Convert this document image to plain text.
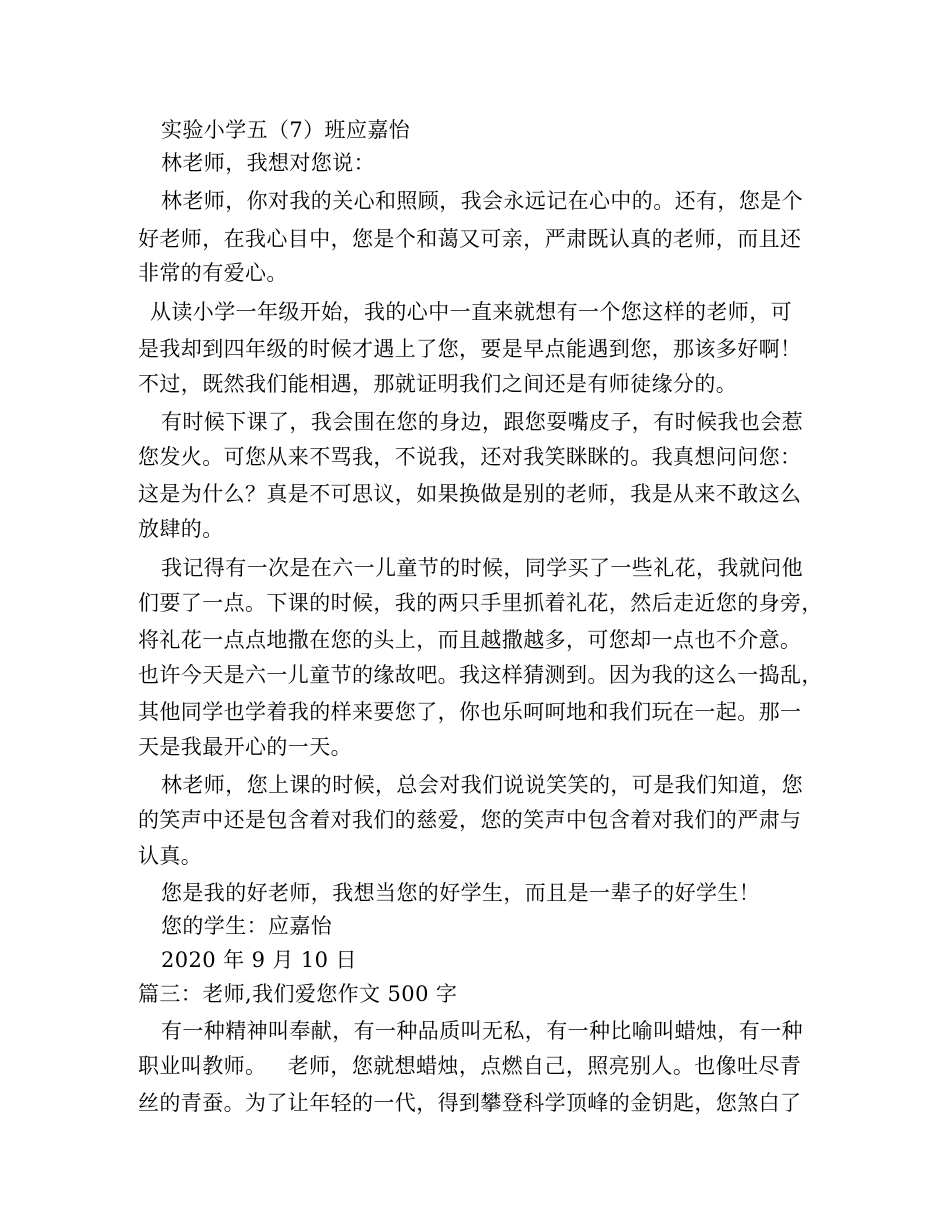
实验小学五（7）班应嘉怡
林老师，我想对您说：
林老师，你对我的关心和照顾，我会永远记在心中的。还有，您是个
好老师，在我心目中，您是个和蔼又可亲，严肃既认真的老师，而且还
非常的有爱心。
从读小学一年级开始，我的心中一直来就想有一个您这样的老师，可
是我却到四年级的时候才遇上了您，要是早点能遇到您，那该多好啊！
不过，既然我们能相遇，那就证明我们之间还是有师徒缘分的。
有时候下课了，我会围在您的身边，跟您耍嘴皮子，有时候我也会惹
您发火。可您从来不骂我，不说我，还对我笑眯眯的。我真想问问您：
这是为什么？真是不可思议，如果换做是别的老师，我是从来不敢这么
放肆的。
我记得有一次是在六一儿童节的时候，同学买了一些礼花，我就问他
们要了一点。下课的时候，我的两只手里抓着礼花，然后走近您的身旁，
将礼花一点点地撒在您的头上，而且越撒越多，可您却一点也不介意。
也许今天是六一儿童节的缘故吧。我这样猜测到。因为我的这么一捣乱，
其他同学也学着我的样来要您了，你也乐呵呵地和我们玩在一起。那一
天是我最开心的一天。
林老师，您上课的时候，总会对我们说说笑笑的，可是我们知道，您
的笑声中还是包含着对我们的慈爱，您的笑声中包含着对我们的严肃与
认真。
您是我的好老师，我想当您的好学生，而且是一辈子的好学生！
您的学生：应嘉怡
2020 年 9 月 10 日
篇三：老师,我们爱您作文 500 字
有一种精神叫奉献，有一种品质叫无私，有一种比喻叫蜡烛，有一种
职业叫教师。   老师，您就想蜡烛，点燃自己，照亮别人。也像吐尽青
丝的青蚕。为了让年轻的一代，得到攀登科学顶峰的金钥匙，您煞白了
